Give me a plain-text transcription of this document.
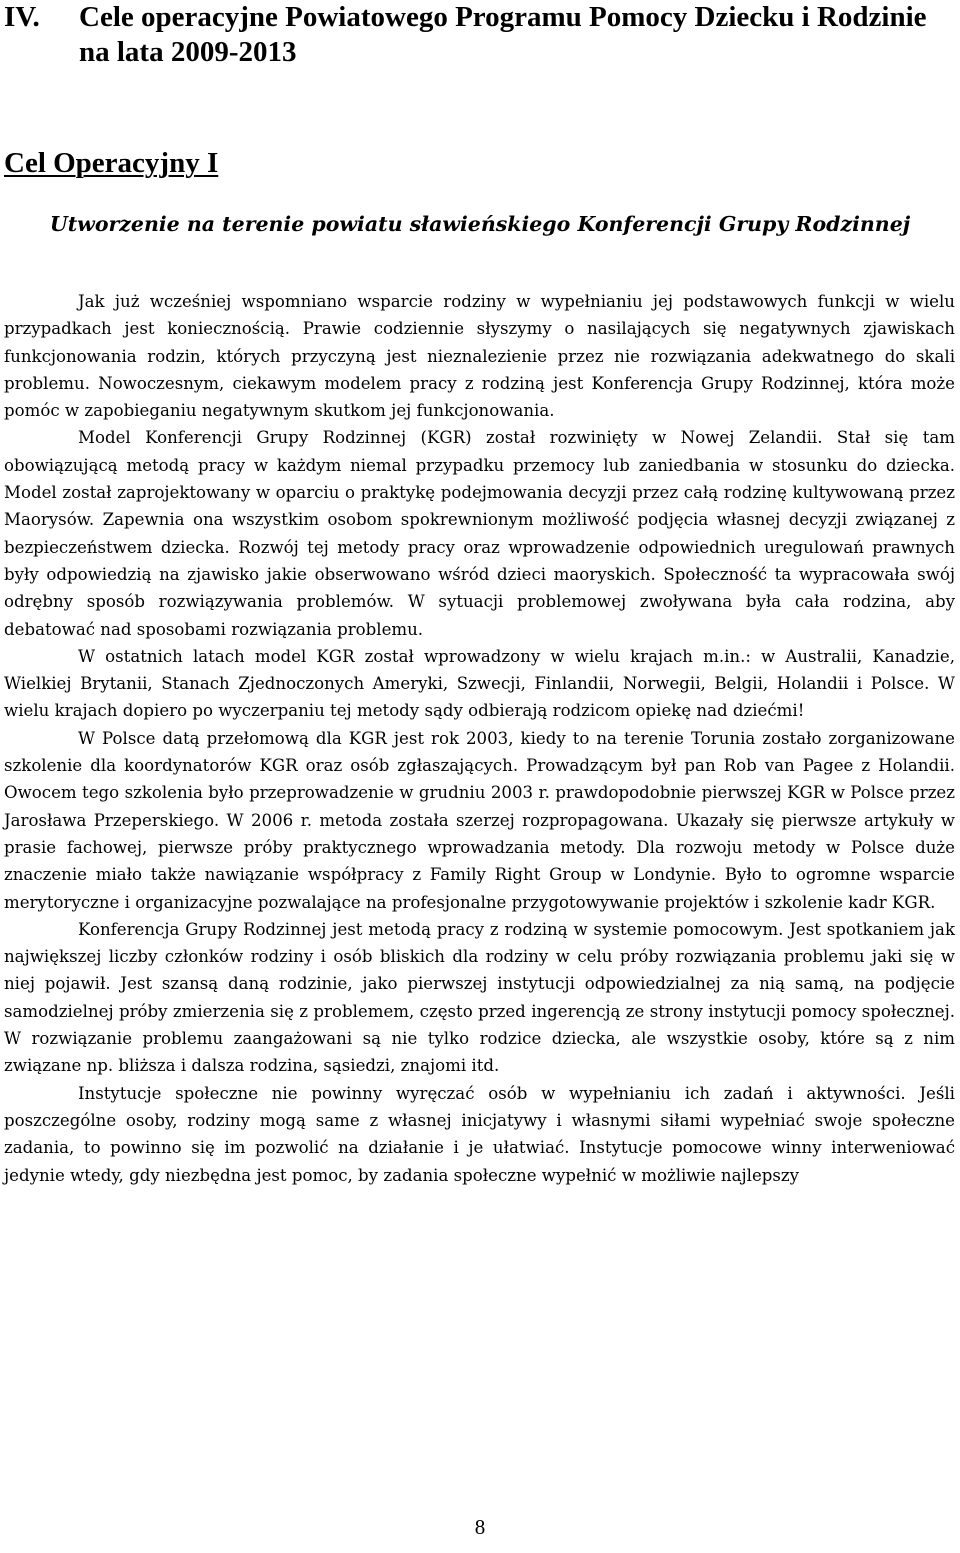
IV.	Cele operacyjne Powiatowego Programu Pomocy Dziecku i Rodzinie na lata 2009-2013
Cel Operacyjny I
Utworzenie na terenie powiatu sławieńskiego Konferencji Grupy Rodzinnej

Jak już wcześniej wspomniano wsparcie rodziny w wypełnianiu jej podstawowych funkcji w wielu przypadkach jest koniecznością. Prawie codziennie słyszymy o nasilających się negatywnych zjawiskach funkcjonowania rodzin, których przyczyną jest nieznalezienie przez nie rozwiązania adekwatnego do skali problemu. Nowoczesnym, ciekawym modelem pracy z rodziną jest Konferencja Grupy Rodzinnej, która może pomóc w zapobieganiu negatywnym skutkom jej funkcjonowania.

Model Konferencji Grupy Rodzinnej (KGR) został rozwinięty w Nowej Zelandii. Stał się tam obowiązującą metodą pracy w każdym niemal przypadku przemocy lub zaniedbania w stosunku do dziecka. Model został zaprojektowany w oparciu o praktykę podejmowania decyzji przez całą rodzinę kultywowaną przez Maorysów. Zapewnia ona wszystkim osobom spokrewnionym możliwość podjęcia własnej decyzji związanej z bezpieczeństwem dziecka. Rozwój tej metody pracy oraz wprowadzenie odpowiednich uregulowań prawnych były odpowiedzią na zjawisko jakie obserwowano wśród dzieci maoryskich. Społeczność ta wypracowała swój odrębny sposób rozwiązywania problemów. W sytuacji problemowej zwoływana była cała rodzina, aby debatować nad sposobami rozwiązania problemu.

W ostatnich latach model KGR został wprowadzony w wielu krajach m.in.: w Australii, Kanadzie, Wielkiej Brytanii, Stanach Zjednoczonych Ameryki, Szwecji, Finlandii, Norwegii, Belgii, Holandii i Polsce. W wielu krajach dopiero po wyczerpaniu tej metody sądy odbierają rodzicom opiekę nad dziećmi!

W Polsce datą przełomową dla KGR jest rok 2003, kiedy to na terenie Torunia zostało zorganizowane szkolenie dla koordynatorów KGR oraz osób zgłaszających. Prowadzącym był pan Rob van Pagee z Holandii. Owocem tego szkolenia było przeprowadzenie w grudniu 2003 r. prawdopodobnie pierwszej KGR w Polsce przez Jarosława Przeperskiego. W 2006 r. metoda została szerzej rozpropagowana. Ukazały się pierwsze artykuły w prasie fachowej, pierwsze próby praktycznego wprowadzania metody. Dla rozwoju metody w Polsce duże znaczenie miało także nawiązanie współpracy z Family Right Group w Londynie. Było to ogromne wsparcie merytoryczne i organizacyjne pozwalające na profesjonalne przygotowywanie projektów i szkolenie kadr KGR.

Konferencja Grupy Rodzinnej jest metodą pracy z rodziną w systemie pomocowym. Jest spotkaniem jak największej liczby członków rodziny i osób bliskich dla rodziny w celu próby rozwiązania problemu jaki się w niej pojawił. Jest szansą daną rodzinie, jako pierwszej instytucji odpowiedzialnej za nią samą, na podjęcie samodzielnej próby zmierzenia się z problemem, często przed ingerencją ze strony instytucji pomocy społecznej. W rozwiązanie problemu zaangażowani są nie tylko rodzice dziecka, ale wszystkie osoby, które są z nim związane np. bliższa i dalsza rodzina, sąsiedzi, znajomi itd.

Instytucje społeczne nie powinny wyręczać osób w wypełnianiu ich zadań i aktywności. Jeśli poszczególne osoby, rodziny mogą same z własnej inicjatywy i własnymi siłami wypełniać swoje społeczne zadania, to powinno się im pozwolić na działanie i je ułatwiać. Instytucje pomocowe winny interweniować jedynie wtedy, gdy niezbędna jest pomoc, by zadania społeczne wypełnić w możliwie najlepszy

8
